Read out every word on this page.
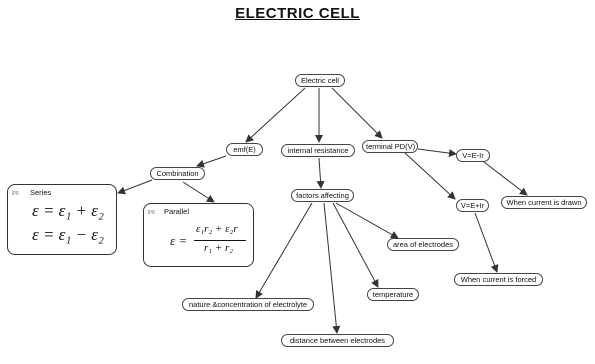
ELECTRIC CELL
Electric cell
emf(E)	internal resistance	terminal PD(V)
Combination
factors affecting
V=E-Ir
V=E+Ir	When current is drawn
When current is forced
area of electrodes
temperature
nature &concentration of electrolyte
distance between electrodes
jpg Series
ε = ε₁ + ε₂
ε = ε₁ − ε₂
jpg Parallel
ε =
ε₁r₂ + ε₂r
r₁ + r₂
